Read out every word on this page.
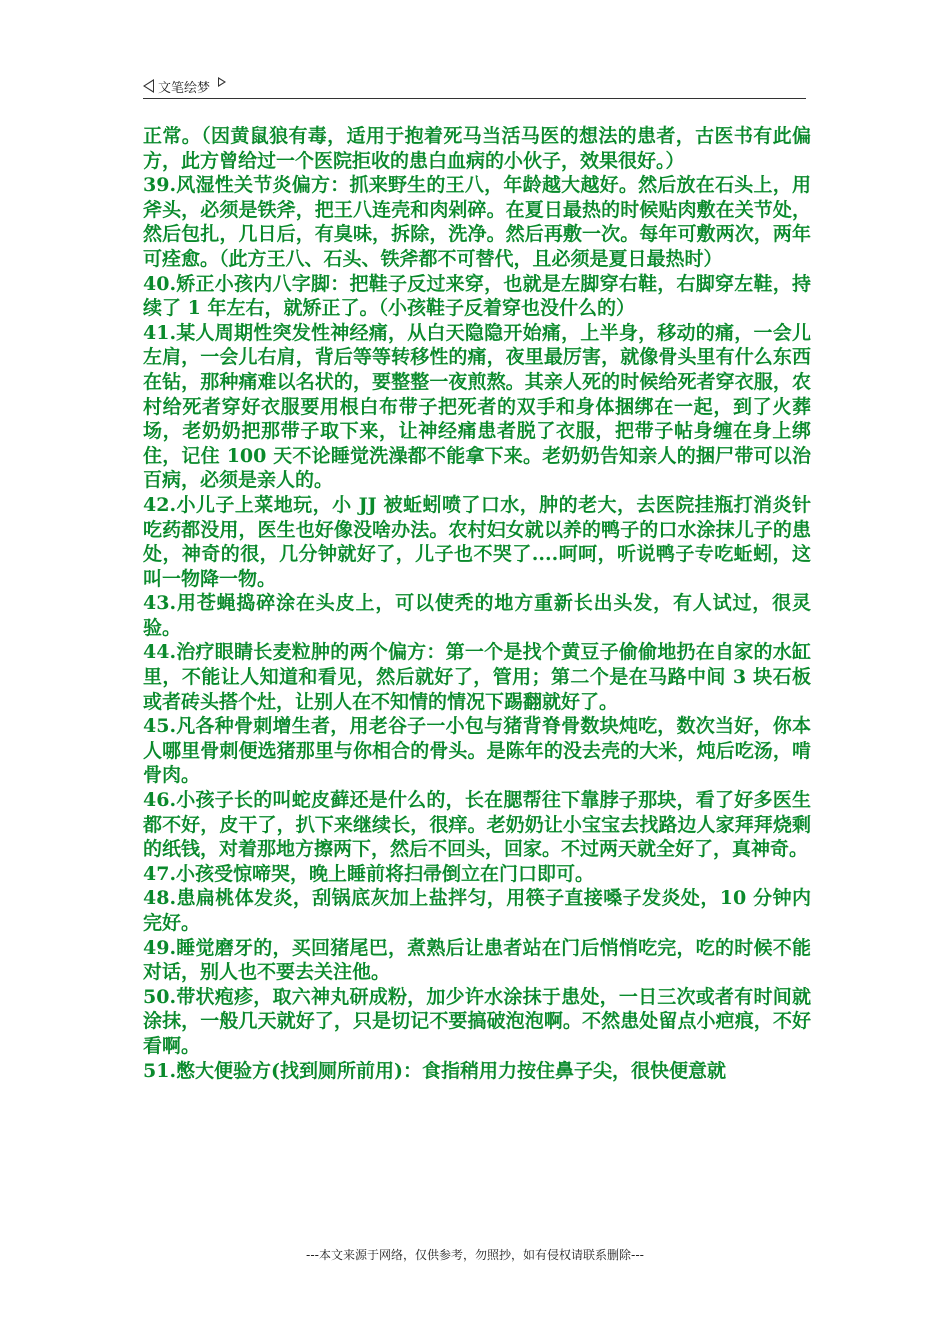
文笔绘梦

正常。（因黄鼠狼有毒，适用于抱着死马当活马医的想法的患者，古医书有此偏方，此方曾给过一个医院拒收的患白血病的小伙子，效果很好。）

39.风湿性关节炎偏方：抓来野生的王八，年龄越大越好。然后放在石头上，用斧头，必须是铁斧，把王八连壳和肉剁碎。在夏日最热的时候贴肉敷在关节处，然后包扎，几日后，有臭味，拆除，洗净。然后再敷一次。每年可敷两次，两年可痊愈。（此方王八、石头、铁斧都不可替代，且必须是夏日最热时）

40.矫正小孩内八字脚：把鞋子反过来穿，也就是左脚穿右鞋，右脚穿左鞋，持续了 1 年左右，就矫正了。（小孩鞋子反着穿也没什么的）

41.某人周期性突发性神经痛，从白天隐隐开始痛，上半身，移动的痛，一会儿左肩，一会儿右肩，背后等等转移性的痛，夜里最厉害，就像骨头里有什么东西在钻，那种痛难以名状的，要整整一夜煎熬。其亲人死的时候给死者穿衣服，农村给死者穿好衣服要用根白布带子把死者的双手和身体捆绑在一起，到了火葬场，老奶奶把那带子取下来，让神经痛患者脱了衣服，把带子帖身缠在身上绑住，记住 100 天不论睡觉洗澡都不能拿下来。老奶奶告知亲人的捆尸带可以治百病，必须是亲人的。

42.小儿子上菜地玩，小 JJ 被蚯蚓喷了口水，肿的老大，去医院挂瓶打消炎针吃药都没用，医生也好像没啥办法。农村妇女就以养的鸭子的口水涂抹儿子的患处，神奇的很，几分钟就好了，儿子也不哭了....呵呵，听说鸭子专吃蚯蚓，这叫一物降一物。

43.用苍蝇捣碎涂在头皮上，可以使秃的地方重新长出头发，有人试过，很灵验。

44.治疗眼睛长麦粒肿的两个偏方：第一个是找个黄豆子偷偷地扔在自家的水缸里，不能让人知道和看见，然后就好了，管用；第二个是在马路中间 3 块石板或者砖头搭个灶，让别人在不知情的情况下踢翻就好了。

45.凡各种骨刺增生者，用老谷子一小包与猪背脊骨数块炖吃，数次当好，你本人哪里骨刺便选猪那里与你相合的骨头。是陈年的没去壳的大米，炖后吃汤，啃骨肉。

46.小孩子长的叫蛇皮藓还是什么的，长在腮帮往下靠脖子那块，看了好多医生都不好，皮干了，扒下来继续长，很痒。老奶奶让小宝宝去找路边人家拜拜烧剩的纸钱，对着那地方擦两下，然后不回头，回家。不过两天就全好了，真神奇。

47.小孩受惊啼哭，晚上睡前将扫帚倒立在门口即可。

48.患扁桃体发炎，刮锅底灰加上盐拌匀，用筷子直接嗓子发炎处，10 分钟内完好。

49.睡觉磨牙的，买回猪尾巴，煮熟后让患者站在门后悄悄吃完，吃的时候不能对话，别人也不要去关注他。

50.带状疱疹，取六神丸研成粉，加少许水涂抹于患处，一日三次或者有时间就涂抹，一般几天就好了，只是切记不要搞破泡泡啊。不然患处留点小疤痕，不好看啊。

51.憋大便验方(找到厕所前用)：食指稍用力按住鼻子尖，很快便意就

---本文来源于网络，仅供参考，勿照抄，如有侵权请联系删除---
